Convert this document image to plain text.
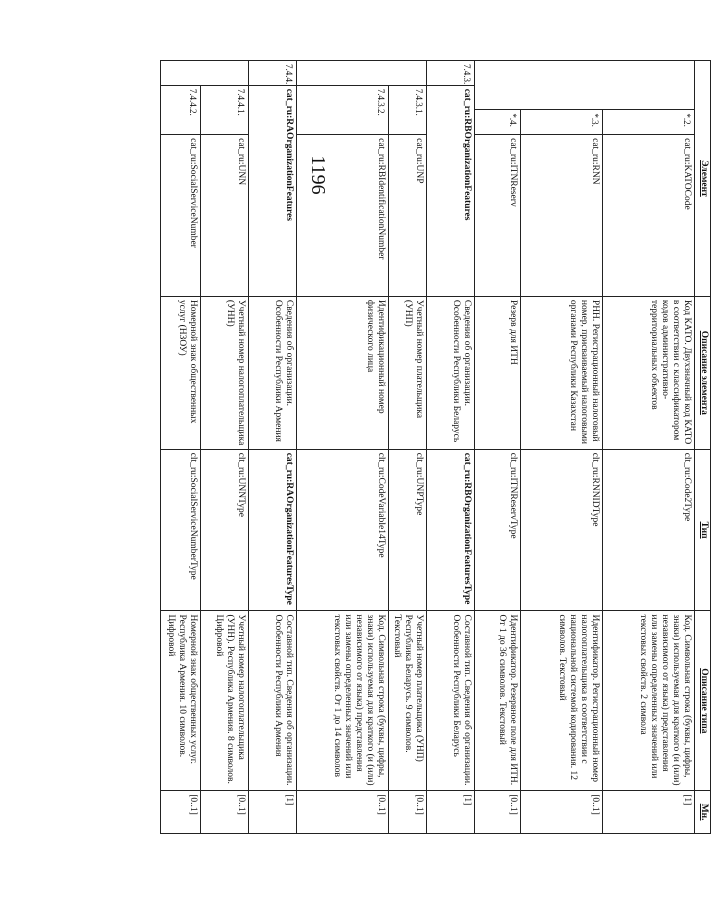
1196	Элемент				Описание элемента	Тип	Описание типа	Мн.
		*.2.	cat_ru:KATOCode	Код КАТО. Двухзначный код КАТО в соответствии с классификатором кодов административно-территориальных объектов	clt_ru:Code2Type	Код. Символьная строка (буквы, цифры, знаки) используемая для краткого (и (или) независимого от языка) представления или замены определенных значений или текстовых свойств. 2 символа	[1]
		*.3.	cat_ru:RNN	РНН. Регистрационный налоговый номер, присваиваемый налоговыми органами Республики Казахстан	clt_ru:RNNIDType	Идентификатор. Регистрационный номер налогоплательщика в соответствии с национальной системой кодирования. 12 символов. Текстовый	[0..1]
		*.4.	cat_ru:ITNReserv	Резерв для ИТН	clt_ru:ITNReservType	Идентификатор. Резервное поле для ИТН. От 1 до 36 символов. Текстовый	[0..1]
7.4.3.	cat_ru:RBOrganizationFeatures			Сведения об организации. Особенности Республики Беларусь	cat_ru:RBOrganizationFeaturesType	Составной тип. Сведения об организации. Особенности Республики Беларусь	[1]
	7.4.3.1.		cat_ru:UNP	Учетный номер плательщика (УНП)	clt_ru:UNPType	Учетный номер плательщика (УНП) Республика Беларусь. 9 символов. Текстовый	[0..1]
	7.4.3.2.		cat_ru:RBIdentificationNumber	Идентификационный номер физического лица	clt_ru:CodeVariable14Type	Код. Символьная строка (буквы, цифры, знаки) используемая для краткого (и (или) независимого от языка) представления или замены определенных значений или текстовых свойств. От 1 до 14 символов	[0..1]
7.4.4.	cat_ru:RAOrganizationFeatures			Сведения об организации. Особенности Республики Армения	cat_ru:RAOrganizationFeaturesType	Составной тип. Сведения об организации. Особенности Республики Армения	[1]
	7.4.4.1.		cat_ru:UNN	Учетный номер налогоплательщика (УНН)	clt_ru:UNNType	Учетный номер налогоплательщика (УНН). Республика Армения. 8 символов. Цифровой	[0..1]
	7.4.4.2.		cat_ru:SocialServiceNumber	Номерной знак общественных услуг (НЗОУ)	clt_ru:SocialServiceNumberType	Номерной знак общественных услуг. Республика Армения. 10 символов. Цифровой	[0..1]
